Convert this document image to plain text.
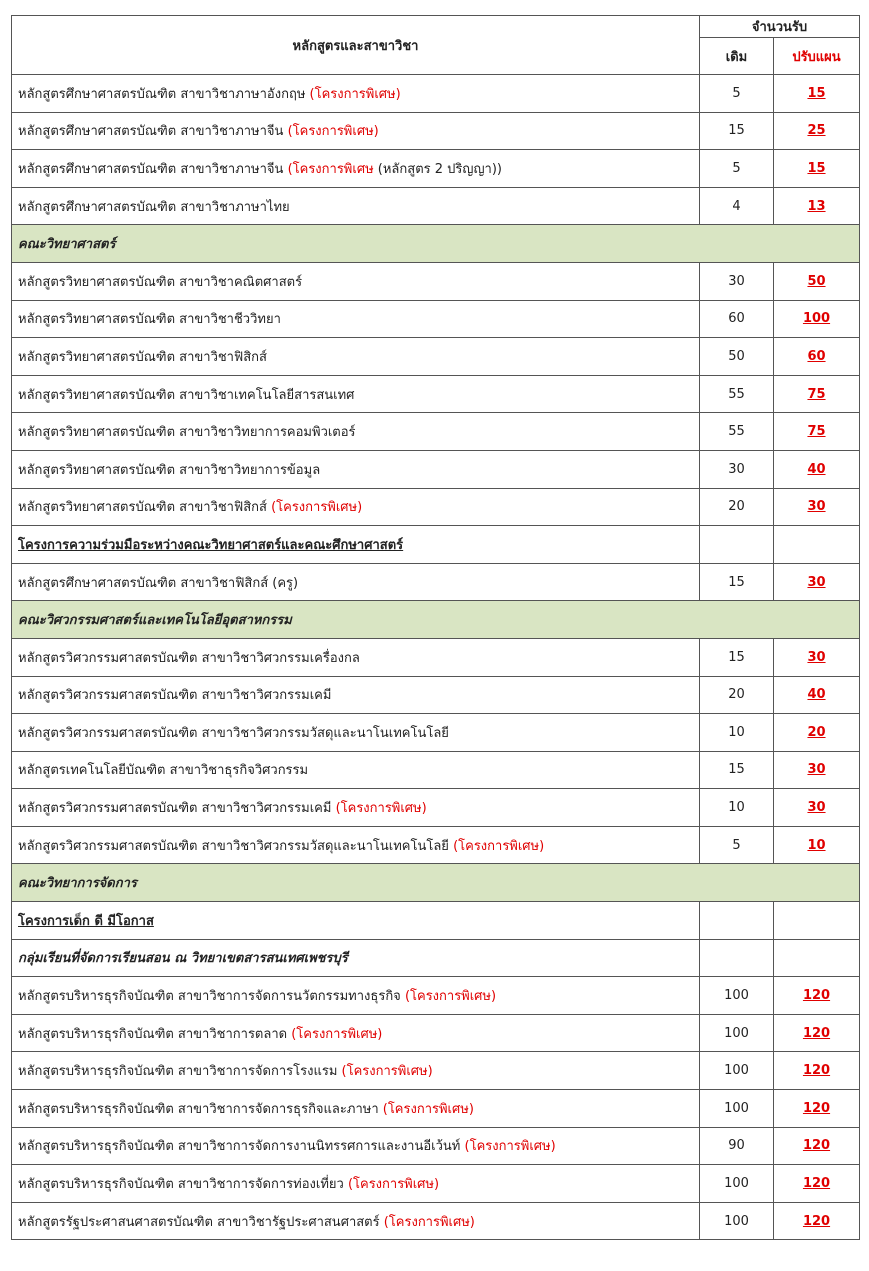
หลักสูตรและสาขาวิชา	จำนวนรับ	
	เดิม	ปรับแผน
หลักสูตรศึกษาศาสตรบัณฑิต สาขาวิชาภาษาอังกฤษ (โครงการพิเศษ)	5	15
หลักสูตรศึกษาศาสตรบัณฑิต สาขาวิชาภาษาจีน (โครงการพิเศษ)	15	25
หลักสูตรศึกษาศาสตรบัณฑิต สาขาวิชาภาษาจีน (โครงการพิเศษ (หลักสูตร 2 ปริญญา))	5	15
หลักสูตรศึกษาศาสตรบัณฑิต สาขาวิชาภาษาไทย	4	13
คณะวิทยาศาสตร์		
หลักสูตรวิทยาศาสตรบัณฑิต สาขาวิชาคณิตศาสตร์	30	50
หลักสูตรวิทยาศาสตรบัณฑิต สาขาวิชาชีววิทยา	60	100
หลักสูตรวิทยาศาสตรบัณฑิต สาขาวิชาฟิสิกส์	50	60
หลักสูตรวิทยาศาสตรบัณฑิต สาขาวิชาเทคโนโลยีสารสนเทศ	55	75
หลักสูตรวิทยาศาสตรบัณฑิต สาขาวิชาวิทยาการคอมพิวเตอร์	55	75
หลักสูตรวิทยาศาสตรบัณฑิต สาขาวิชาวิทยาการข้อมูล	30	40
หลักสูตรวิทยาศาสตรบัณฑิต สาขาวิชาฟิสิกส์ (โครงการพิเศษ)	20	30
โครงการความร่วมมือระหว่างคณะวิทยาศาสตร์และคณะศึกษาศาสตร์		
หลักสูตรศึกษาศาสตรบัณฑิต สาขาวิชาฟิสิกส์ (ครู)	15	30
คณะวิศวกรรมศาสตร์และเทคโนโลยีอุตสาหกรรม		
หลักสูตรวิศวกรรมศาสตรบัณฑิต สาขาวิชาวิศวกรรมเครื่องกล	15	30
หลักสูตรวิศวกรรมศาสตรบัณฑิต สาขาวิชาวิศวกรรมเคมี	20	40
หลักสูตรวิศวกรรมศาสตรบัณฑิต สาขาวิชาวิศวกรรมวัสดุและนาโนเทคโนโลยี	10	20
หลักสูตรเทคโนโลยีบัณฑิต สาขาวิชาธุรกิจวิศวกรรม	15	30
หลักสูตรวิศวกรรมศาสตรบัณฑิต สาขาวิชาวิศวกรรมเคมี (โครงการพิเศษ)	10	30
หลักสูตรวิศวกรรมศาสตรบัณฑิต สาขาวิชาวิศวกรรมวัสดุและนาโนเทคโนโลยี (โครงการพิเศษ)	5	10
คณะวิทยาการจัดการ		
โครงการเด็ก ดี มีโอกาส		
กลุ่มเรียนที่จัดการเรียนสอน ณ วิทยาเขตสารสนเทศเพชรบุรี		
หลักสูตรบริหารธุรกิจบัณฑิต สาขาวิชาการจัดการนวัตกรรมทางธุรกิจ (โครงการพิเศษ)	100	120
หลักสูตรบริหารธุรกิจบัณฑิต สาขาวิชาการตลาด (โครงการพิเศษ)	100	120
หลักสูตรบริหารธุรกิจบัณฑิต สาขาวิชาการจัดการโรงแรม (โครงการพิเศษ)	100	120
หลักสูตรบริหารธุรกิจบัณฑิต สาขาวิชาการจัดการธุรกิจและภาษา (โครงการพิเศษ)	100	120
หลักสูตรบริหารธุรกิจบัณฑิต สาขาวิชาการจัดการงานนิทรรศการและงานอีเว้นท์ (โครงการพิเศษ)	90	120
หลักสูตรบริหารธุรกิจบัณฑิต สาขาวิชาการจัดการท่องเที่ยว (โครงการพิเศษ)	100	120
หลักสูตรรัฐประศาสนศาสตรบัณฑิต สาขาวิชารัฐประศาสนศาสตร์ (โครงการพิเศษ)	100	120
